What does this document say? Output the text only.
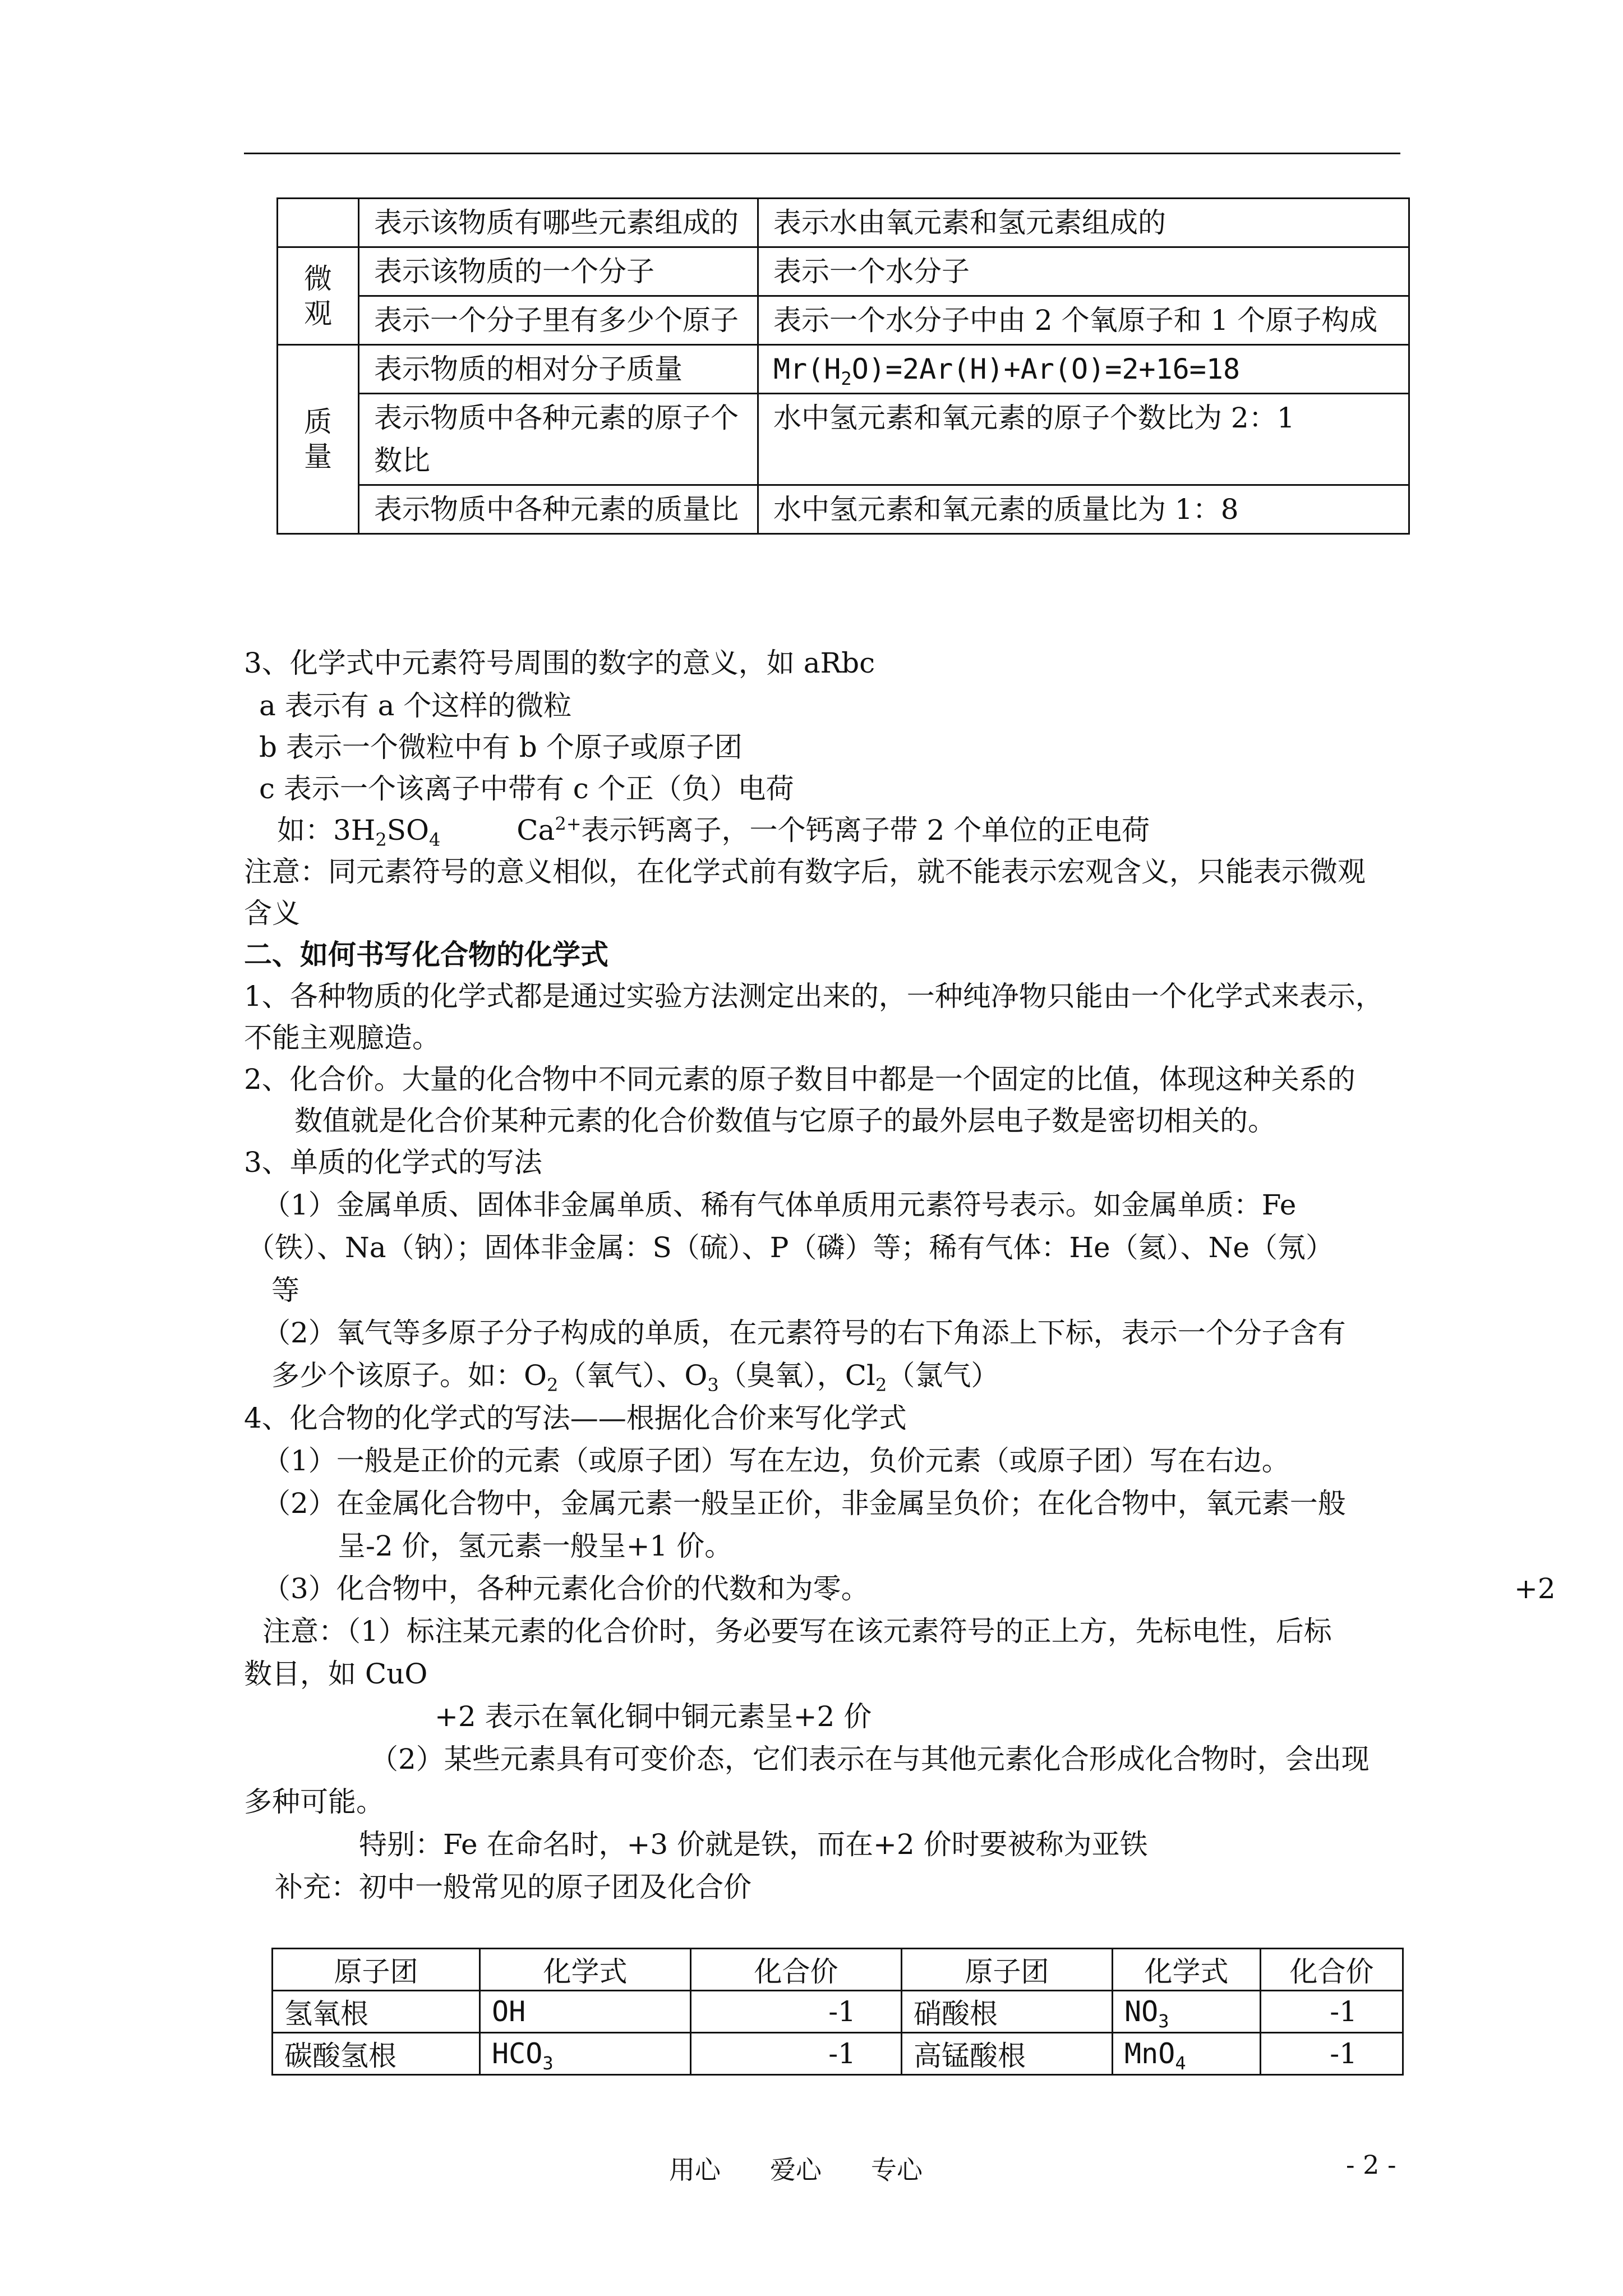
	表示该物质有哪些元素组成的	表示水由氧元素和氢元素组成的

微观	表示该物质的一个分子	表示一个水分子
	表示一个分子里有多少个原子	表示一个水分子中由 2 个氧原子和 1 个原子构成

质量	表示物质的相对分子质量	$Mr(H_2O)=2Ar(H)+Ar(O)=2+16=18$
	表示物质中各种元素的原子个数比	水中氢元素和氧元素的原子个数比为 2：1
	表示物质中各种元素的质量比	水中氢元素和氧元素的质量比为 1：8
3、化学式中元素符号周围的数字的意义，如 aRbc
a 表示有 a 个这样的微粒
b 表示一个微粒中有 b 个原子或原子团
c 表示一个该离子中带有 c 个正（负）电荷
如：$3H_2SO_4$	$Ca^{2+}$表示钙离子，一个钙离子带 2 个单位的正电荷
注意：同元素符号的意义相似，在化学式前有数字后，就不能表示宏观含义，只能表示微观
含义
二、如何书写化合物的化学式
1、各种物质的化学式都是通过实验方法测定出来的，一种纯净物只能由一个化学式来表示，
不能主观臆造。
2、化合价。大量的化合物中不同元素的原子数目中都是一个固定的比值，体现这种关系的
数值就是化合价某种元素的化合价数值与它原子的最外层电子数是密切相关的。
3、单质的化学式的写法
（1）金属单质、固体非金属单质、稀有气体单质用元素符号表示。如金属单质：Fe
（铁）、Na（钠）；固体非金属：S（硫）、P（磷）等；稀有气体：He（氦）、Ne（氖）
等
（2）氧气等多原子分子构成的单质，在元素符号的右下角添上下标，表示一个分子含有
多少个该原子。如：$O_2$（氧气）、$O_3$（臭氧），$Cl_2$（氯气）
4、化合物的化学式的写法——根据化合价来写化学式
（1）一般是正价的元素（或原子团）写在左边，负价元素（或原子团）写在右边。
（2）在金属化合物中，金属元素一般呈正价，非金属呈负价；在化合物中，氧元素一般
呈-2 价，氢元素一般呈+1 价。
（3）化合物中，各种元素化合价的代数和为零。	+2
注意：（1）标注某元素的化合价时，务必要写在该元素符号的正上方，先标电性，后标
数目，如 CuO
+2 表示在氧化铜中铜元素呈+2 价
（2）某些元素具有可变价态，它们表示在与其他元素化合形成化合物时，会出现
多种可能。
特别：Fe 在命名时，+3 价就是铁，而在+2 价时要被称为亚铁
补充：初中一般常见的原子团及化合价
原子团	化学式	化合价	原子团	化学式	化合价
氢氧根	OH	-1	硝酸根	$NO_3$	-1
碳酸氢根	$HCO_3$	-1	高锰酸根	MnO$_4$	-1
用心 爱心 专心	- 2 -
